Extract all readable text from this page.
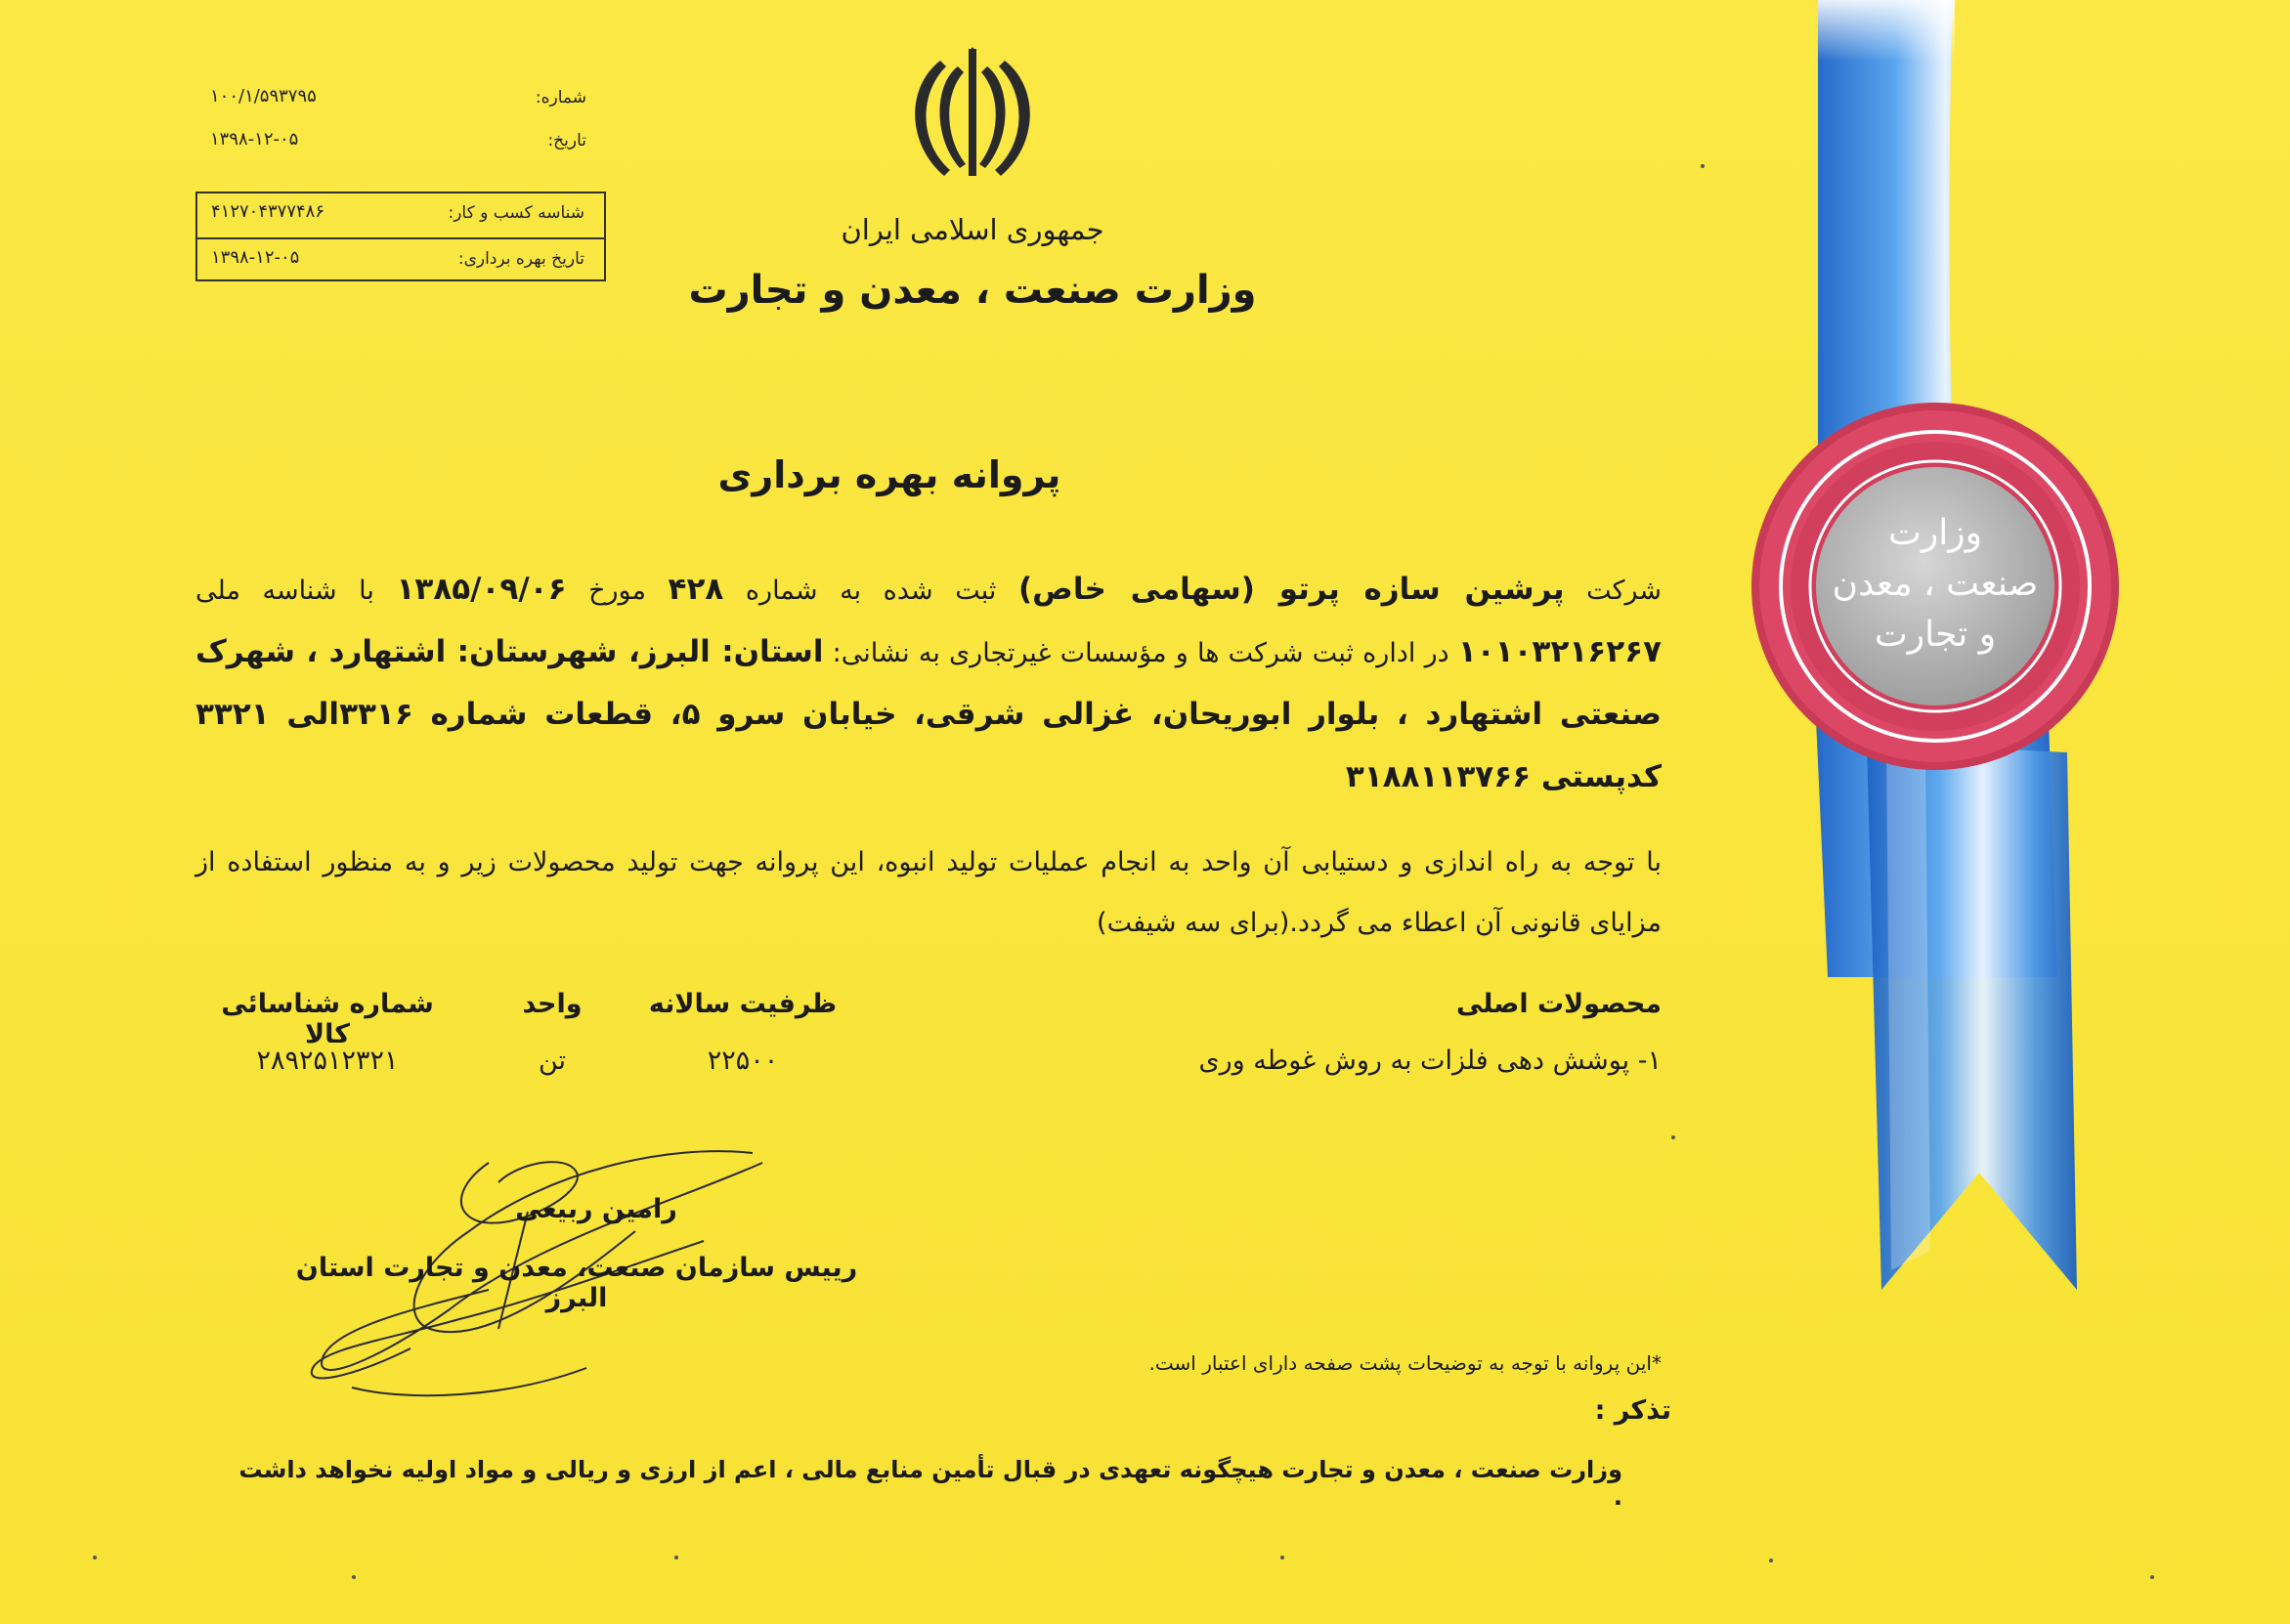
وزارت
صنعت ، معدن
و تجارت
شماره:
۱۰۰/۱/۵۹۳۷۹۵
تاریخ:
۱۳۹۸-۱۲-۰۵
شناسه کسب و کار:
۴۱۲۷۰۴۳۷۷۴۸۶
تاریخ بهره برداری:
۱۳۹۸-۱۲-۰۵
جمهوری اسلامی ایران
وزارت صنعت ، معدن و تجارت
پروانه بهره برداری
شرکت پرشین سازه پرتو (سهامی خاص) ثبت شده به شماره ۴۲۸ مورخ ۱۳۸۵/۰۹/۰۶ با شناسه ملی ۱۰۱۰۳۲۱۶۲۶۷ در اداره ثبت شرکت ها و مؤسسات غیرتجاری به نشانی: استان: البرز، شهرستان: اشتهارد ، شهرک صنعتی اشتهارد ، بلوار ابوریحان، غزالی شرقی، خیابان سرو ۵، قطعات شماره ۳۳۱۶الی ۳۳۲۱ کدپستی ۳۱۸۸۱۱۳۷۶۶
با توجه به راه اندازی و دستیابی آن واحد به انجام عملیات تولید انبوه، این پروانه جهت تولید محصولات زیر و به منظور استفاده از مزایای قانونی آن اعطاء می گردد.(برای سه شیفت)
محصولات اصلی
ظرفیت سالانه
واحد
شماره شناسائی کالا
۱- پوشش دهی فلزات به روش غوطه وری
۲۲۵۰۰
تن
۲۸۹۲۵۱۲۳۲۱
رامین ربیعی
رییس سازمان صنعت، معدن و تجارت استان البرز
*این پروانه با توجه به توضیحات پشت صفحه دارای اعتبار است.
تذکر :
وزارت صنعت ، معدن و تجارت هیچگونه تعهدی در قبال تأمین منابع مالی ، اعم از ارزی و ریالی و مواد اولیه نخواهد داشت .
